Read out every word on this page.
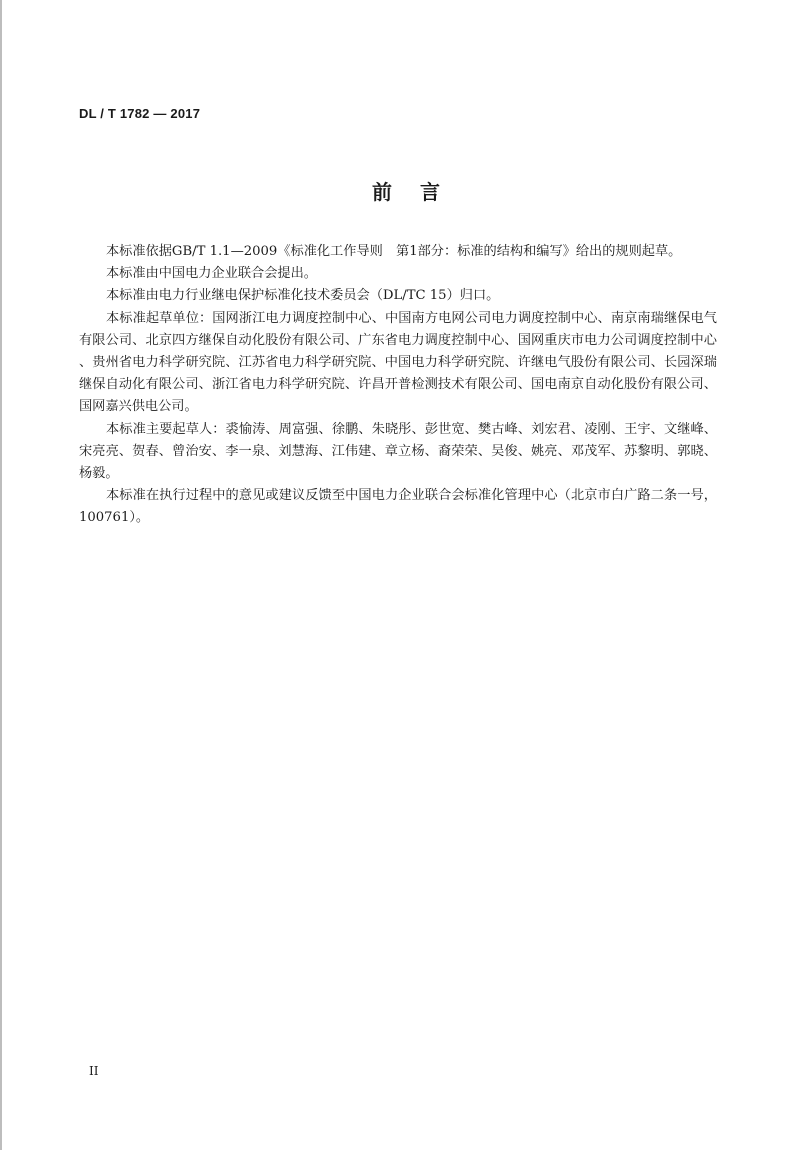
DL / T 1782 — 2017
前言

本标准依据GB/T 1.1—2009《标准化工作导则　第1部分：标准的结构和编写》给出的规则起草。

本标准由中国电力企业联合会提出。

本标准由电力行业继电保护标准化技术委员会（DL/TC 15）归口。

本标准起草单位：国网浙江电力调度控制中心、中国南方电网公司电力调度控制中心、南京南瑞继保电气有限公司、北京四方继保自动化股份有限公司、广东省电力调度控制中心、国网重庆市电力公司调度控制中心、贵州省电力科学研究院、江苏省电力科学研究院、中国电力科学研究院、许继电气股份有限公司、长园深瑞继保自动化有限公司、浙江省电力科学研究院、许昌开普检测技术有限公司、国电南京自动化股份有限公司、国网嘉兴供电公司。

本标准主要起草人：裘愉涛、周富强、徐鹏、朱晓彤、彭世宽、樊古峰、刘宏君、凌刚、王宇、文继峰、宋亮亮、贺春、曾治安、李一泉、刘慧海、江伟建、章立杨、裔荣荣、吴俊、姚亮、邓茂军、苏黎明、郭晓、杨毅。

本标准在执行过程中的意见或建议反馈至中国电力企业联合会标准化管理中心（北京市白广路二条一号，100761）。

II
